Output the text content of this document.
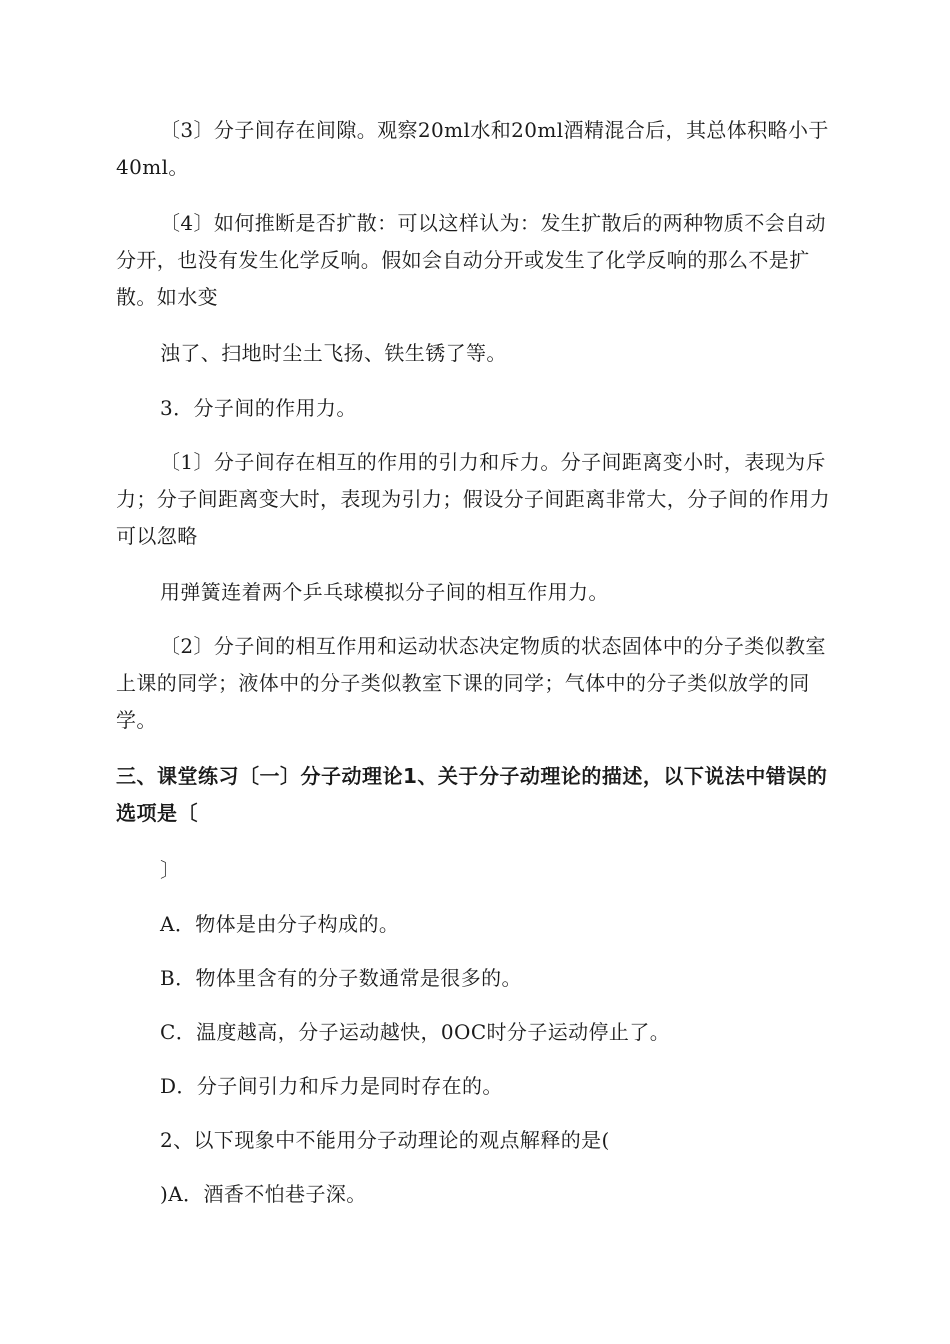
〔3〕分子间存在间隙。观察20ml水和20ml酒精混合后，其总体积略小于40ml。

〔4〕如何推断是否扩散：可以这样认为：发生扩散后的两种物质不会自动分开，也没有发生化学反响。假如会自动分开或发生了化学反响的那么不是扩散。如水变

浊了、扫地时尘土飞扬、铁生锈了等。

3．分子间的作用力。

〔1〕分子间存在相互的作用的引力和斥力。分子间距离变小时，表现为斥力；分子间距离变大时，表现为引力；假设分子间距离非常大，分子间的作用力可以忽略

用弹簧连着两个乒乓球模拟分子间的相互作用力。

〔2〕分子间的相互作用和运动状态决定物质的状态固体中的分子类似教室上课的同学；液体中的分子类似教室下课的同学；气体中的分子类似放学的同学。

三、课堂练习〔一〕分子动理论1、关于分子动理论的描述，以下说法中错误的选项是〔

〕

A．物体是由分子构成的。

B．物体里含有的分子数通常是很多的。

C．温度越高，分子运动越快，0OC时分子运动停止了。

D．分子间引力和斥力是同时存在的。

2、以下现象中不能用分子动理论的观点解释的是(

)A．酒香不怕巷子深。
